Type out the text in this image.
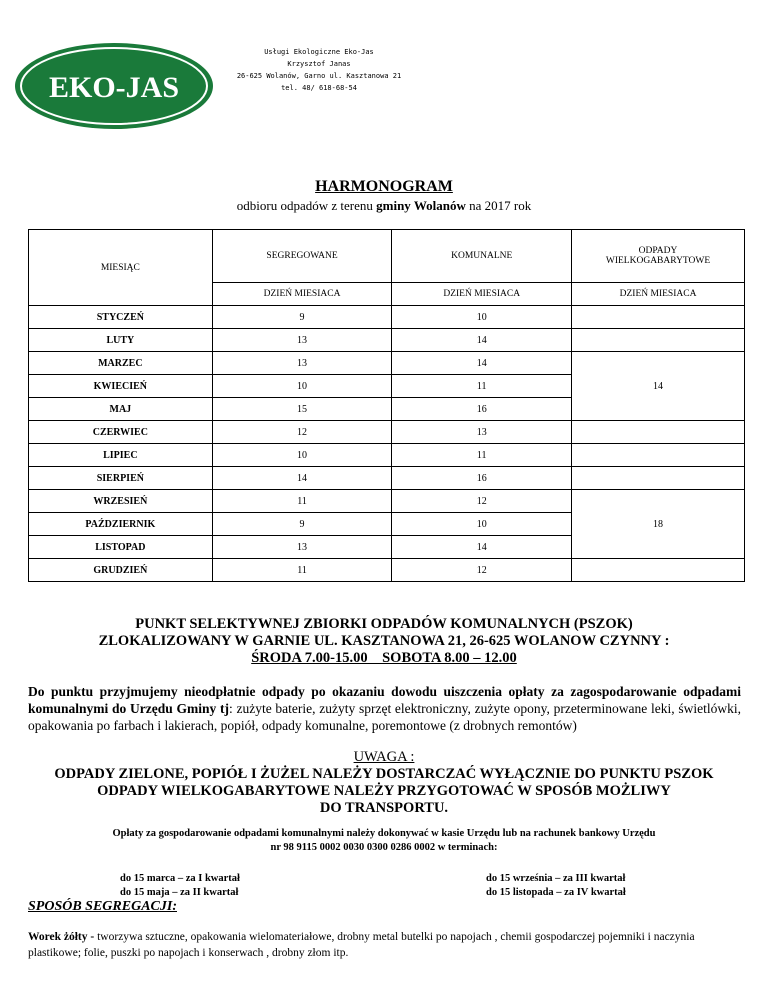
EKO-JAS
Usługi Ekologiczne Eko-Jas
Krzysztof Janas
26-625 Wolanów, Garno ul. Kasztanowa 21
tel. 48/ 618-68-54
HARMONOGRAM
odbioru odpadów z terenu gminy Wolanów na 2017 rok
MIESIĄC	SEGREGOWANE	KOMUNALNE	ODPADY WIELKOGABARYTOWE
	DZIEŃ MIESIACA	DZIEŃ MIESIACA	DZIEŃ MIESIACA
STYCZEŃ	9	10	
LUTY	13	14	
MARZEC	13	14	14
KWIECIEŃ	10	11	
MAJ	15	16	
CZERWIEC	12	13	
LIPIEC	10	11	
SIERPIEŃ	14	16	
WRZESIEŃ	11	12	18
PAŹDZIERNIK	9	10	
LISTOPAD	13	14	
GRUDZIEŃ	11	12	
PUNKT SELEKTYWNEJ ZBIORKI ODPADÓW KOMUNALNYCH (PSZOK)
ZLOKALIZOWANY W GARNIE UL. KASZTANOWA 21, 26-625 WOLANOW CZYNNY :
ŚRODA 7.00-15.00    SOBOTA 8.00 – 12.00
Do punktu przyjmujemy nieodpłatnie odpady po okazaniu dowodu uiszczenia opłaty za zagospodarowanie odpadami komunalnymi do Urzędu Gminy tj: zużyte baterie, zużyty sprzęt elektroniczny, zużyte opony, przeterminowane leki, świetlówki, opakowania po farbach i lakierach, popiół, odpady komunalne, poremontowe (z drobnych remontów)
UWAGA :
ODPADY ZIELONE, POPIÓŁ I ŻUŻEL NALEŻY DOSTARCZAĆ WYŁĄCZNIE DO PUNKTU PSZOK
ODPADY WIELKOGABARYTOWE NALEŻY PRZYGOTOWAĆ W SPOSÓB MOŻLIWY
DO TRANSPORTU.
Opłaty za gospodarowanie odpadami komunalnymi należy dokonywać w kasie Urzędu lub na rachunek bankowy Urzędu
nr 98 9115 0002 0030 0300 0286 0002 w terminach:
do 15 marca – za I kwartał
do 15 maja – za II kwartał
do 15 września – za III kwartał
do 15 listopada – za IV kwartał
SPOSÓB SEGREGACJI:
Worek żółty - tworzywa sztuczne, opakowania wielomateriałowe, drobny metal butelki po napojach , chemii gospodarczej pojemniki i naczynia plastikowe; folie, puszki po napojach i konserwach , drobny złom itp.
